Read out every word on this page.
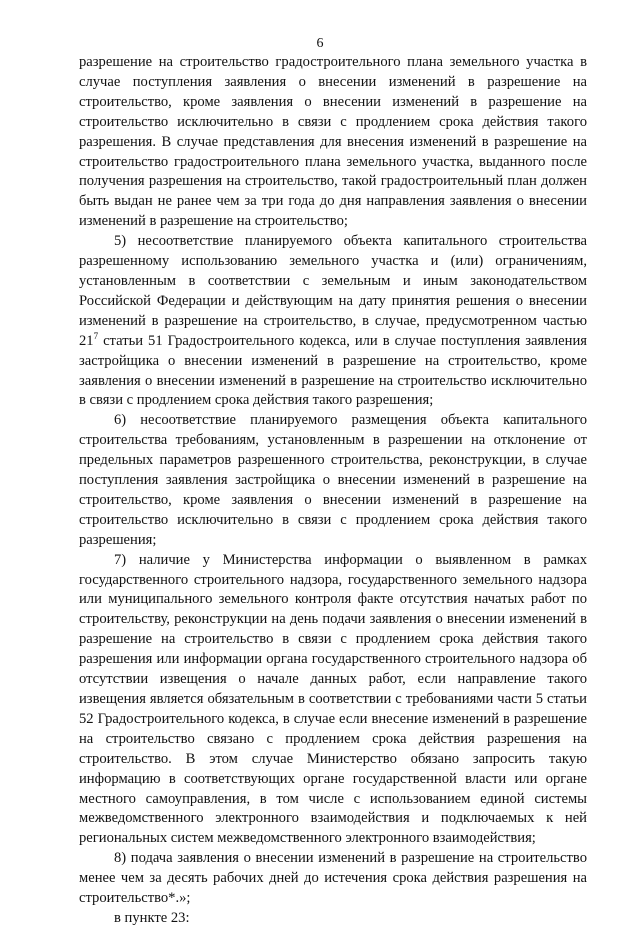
6

разрешение на строительство градостроительного плана земельного участка в случае поступления заявления о внесении изменений в разрешение на строительство, кроме заявления о внесении изменений в разрешение на строительство исключительно в связи с продлением срока действия такого разрешения. В случае представления для внесения изменений в разрешение на строительство градостроительного плана земельного участка, выданного после получения разрешения на строительство, такой градостроительный план должен быть выдан не ранее чем за три года до дня направления заявления о внесении изменений в разрешение на строительство;

5) несоответствие планируемого объекта капитального строительства разрешенному использованию земельного участка и (или) ограничениям, установленным в соответствии с земельным и иным законодательством Российской Федерации и действующим на дату принятия решения о внесении изменений в разрешение на строительство, в случае, предусмотренном частью $21^7$ статьи 51 Градостроительного кодекса, или в случае поступления заявления застройщика о внесении изменений в разрешение на строительство, кроме заявления о внесении изменений в разрешение на строительство исключительно в связи с продлением срока действия такого разрешения;

6) несоответствие планируемого размещения объекта капитального строительства требованиям, установленным в разрешении на отклонение от предельных параметров разрешенного строительства, реконструкции, в случае поступления заявления застройщика о внесении изменений в разрешение на строительство, кроме заявления о внесении изменений в разрешение на строительство исключительно в связи с продлением срока действия такого разрешения;

7) наличие у Министерства информации о выявленном в рамках государственного строительного надзора, государственного земельного надзора или муниципального земельного контроля факте отсутствия начатых работ по строительству, реконструкции на день подачи заявления о внесении изменений в разрешение на строительство в связи с продлением срока действия такого разрешения или информации органа государственного строительного надзора об отсутствии извещения о начале данных работ, если направление такого извещения является обязательным в соответствии с требованиями части 5 статьи 52 Градостроительного кодекса, в случае если внесение изменений в разрешение на строительство связано с продлением срока действия разрешения на строительство. В этом случае Министерство обязано запросить такую информацию в соответствующих органе государственной власти или органе местного самоуправления, в том числе с использованием единой системы межведомственного электронного взаимодействия и подключаемых к ней региональных систем межведомственного электронного взаимодействия;

8) подача заявления о внесении изменений в разрешение на строительство менее чем за десять рабочих дней до истечения срока действия разрешения на строительство*.»;

в пункте 23:
